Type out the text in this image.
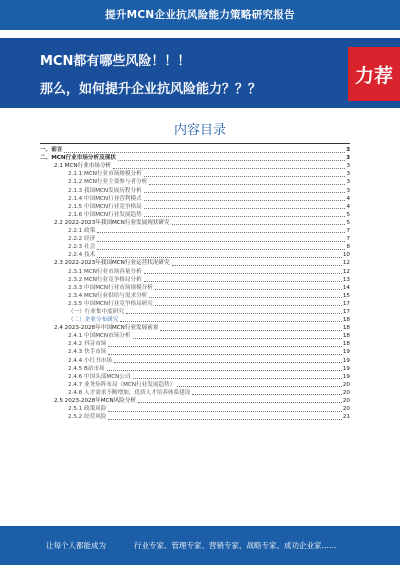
提升MCN企业抗风险能力策略研究报告
MCN都有哪些风险！！！
那么，如何提升企业抗风险能力？？？
力荐
内容目录
一、前言	3
二、MCN行业市场分析及现状	3
2.1 MCN行业市场分析	3
2.1.1 MCN行业市场规模分析	3
2.1.2 MCN行业主要参与者分析	3
2.1.3 我国MCN发展历程分析	3
2.1.4 中国MCN行业营利模式	4
2.1.5 中国MCN行业竞争格局	4
2.1.6 中国MCN行业发展趋势	5
2.2 2022-2023年我国MCN行业发展现状研究	5
2.2.1 政策	7
2.2.2 经济	7
2.2.3 社会	8
2.2.4 技术	10
2.3 2022-2023年我国MCN行业运营状况研究	12
2.3.1 MCN行业市场容量分析	12
2.3.2 MCN行业竞争格局分析	13
2.3.3 中国MCN行业市场规模分析	14
2.3.4 MCN行业供给与需求分析	15
2.3.5 中国MCN行业竞争格局研究	17
（一）行业集中度研究	17
（二）企业分布研究	18
2.4 2023-2028年中国MCN行业发展前景	18
2.4.1 中国MCN市场分析	18
2.4.2 抖音市场	18
2.4.3 快手市场	19
2.4.4 小红书市场	19
2.4.5 B站市场	19
2.4.6 中国头部MCN公司	19
2.4.7 业务矩阵布局（MCN行业发展趋势）	20
2.4.8 人才需求不断增加，优质人才培养体系建设	20
2.5 2023-2028年MCN风险分析	20
2.5.1 政策风险	20
2.5.2 经营风险	21
让每个人都能成为	行业专家、管理专家、营销专家、战略专家、成功企业家……
